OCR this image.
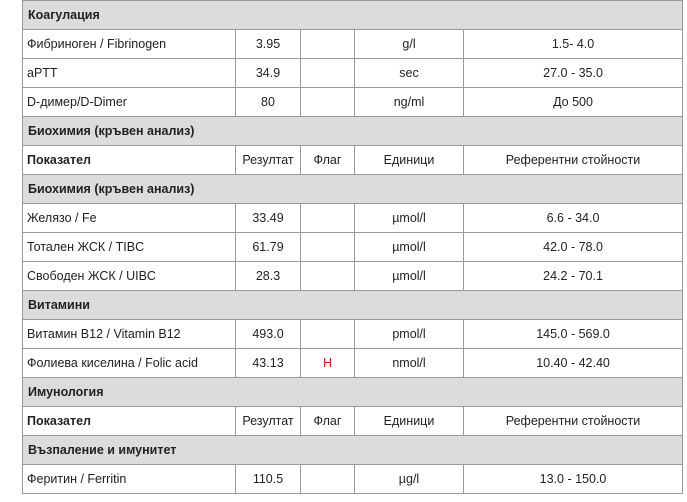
Коагулация				
Фибриноген / Fibrinogen	3.95		g/l	1.5- 4.0
aPTT	34.9		sec	27.0 - 35.0
D-димер/D-Dimer	80		ng/ml	До 500
Биохимия (кръвен анализ)				
Показател	Резултат	Флаг	Единици	Референтни стойности
Биохимия (кръвен анализ)				
Желязо / Fe	33.49		µmol/l	6.6 - 34.0
Тотален ЖСК / TIBC	61.79		µmol/l	42.0 - 78.0
Свободен ЖСК / UIBC	28.3		µmol/l	24.2 - 70.1
Витамини				
Витамин B12 / Vitamin B12	493.0		pmol/l	145.0 - 569.0
Фолиева киселина / Folic acid	43.13	H	nmol/l	10.40 - 42.40
Имунология				
Показател	Резултат	Флаг	Единици	Референтни стойности
Възпаление и имунитет				
Феритин / Ferritin	110.5		µg/l	13.0 - 150.0
